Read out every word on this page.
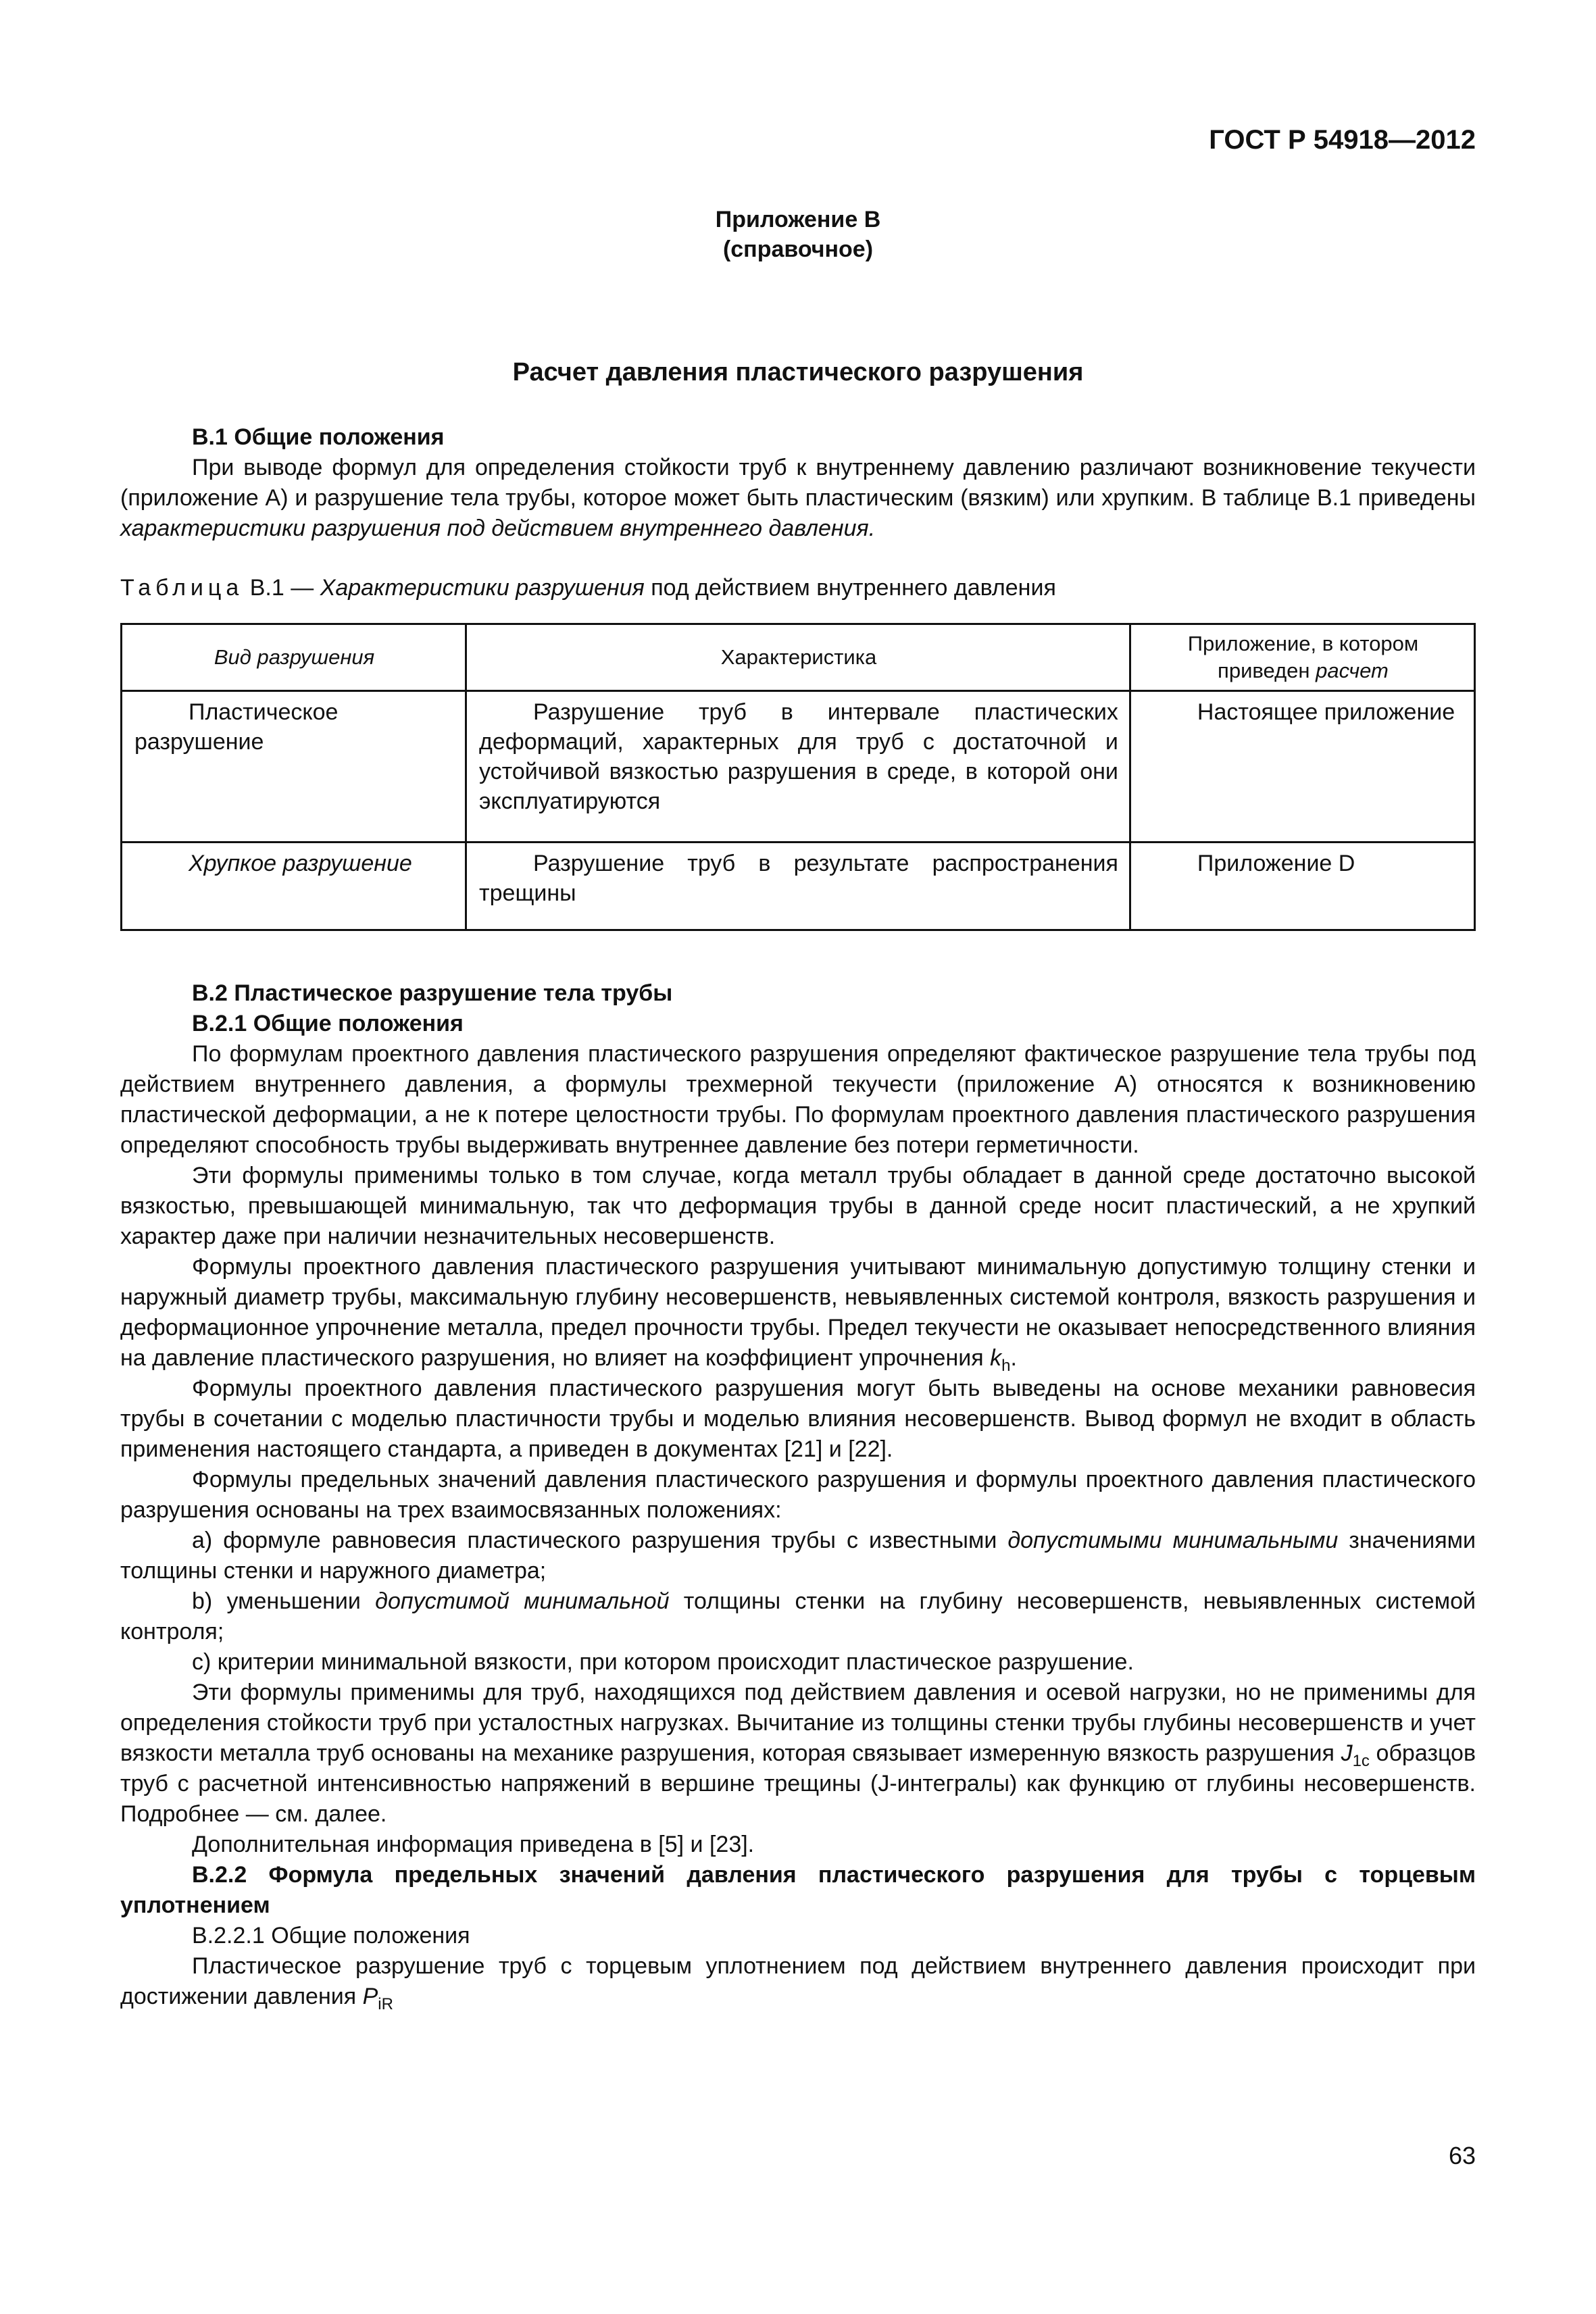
ГОСТ Р 54918—2012
Приложение В
(справочное)
Расчет давления пластического разрушения

В.1 Общие положения

При выводе формул для определения стойкости труб к внутреннему давлению различают возникновение текучести (приложение А) и разрушение тела трубы, которое может быть пластическим (вязким) или хрупким. В таблице В.1 приведены характеристики разрушения под действием внутреннего давления.

Таблица В.1 — Характеристики разрушения под действием внутреннего давления

Вид разрушения	Характеристика	Приложение, в котором приведен расчет
Пластическое разрушение	Разрушение труб в интервале пластических деформаций, характерных для труб с достаточной и устойчивой вязкостью разрушения в среде, в которой они эксплуатируются	Настоящее приложение
Хрупкое разрушение	Разрушение труб в результате распространения трещины	Приложение D

В.2 Пластическое разрушение тела трубы

В.2.1 Общие положения

По формулам проектного давления пластического разрушения определяют фактическое разрушение тела трубы под действием внутреннего давления, а формулы трехмерной текучести (приложение А) относятся к возникновению пластической деформации, а не к потере целостности трубы. По формулам проектного давления пластического разрушения определяют способность трубы выдерживать внутреннее давление без потери герметичности.

Эти формулы применимы только в том случае, когда металл трубы обладает в данной среде достаточно высокой вязкостью, превышающей минимальную, так что деформация трубы в данной среде носит пластический, а не хрупкий характер даже при наличии незначительных несовершенств.

Формулы проектного давления пластического разрушения учитывают минимальную допустимую толщину стенки и наружный диаметр трубы, максимальную глубину несовершенств, невыявленных системой контроля, вязкость разрушения и деформационное упрочнение металла, предел прочности трубы. Предел текучести не оказывает непосредственного влияния на давление пластического разрушения, но влияет на коэффициент упрочнения $k_h$.

Формулы проектного давления пластического разрушения могут быть выведены на основе механики равновесия трубы в сочетании с моделью пластичности трубы и моделью влияния несовершенств. Вывод формул не входит в область применения настоящего стандарта, а приведен в документах [21] и [22].

Формулы предельных значений давления пластического разрушения и формулы проектного давления пластического разрушения основаны на трех взаимосвязанных положениях:

a) формуле равновесия пластического разрушения трубы с известными допустимыми минимальными значениями толщины стенки и наружного диаметра;

b) уменьшении допустимой минимальной толщины стенки на глубину несовершенств, невыявленных системой контроля;

c) критерии минимальной вязкости, при котором происходит пластическое разрушение.

Эти формулы применимы для труб, находящихся под действием давления и осевой нагрузки, но не применимы для определения стойкости труб при усталостных нагрузках. Вычитание из толщины стенки трубы глубины несовершенств и учет вязкости металла труб основаны на механике разрушения, которая связывает измеренную вязкость разрушения $J_{1c}$ образцов труб с расчетной интенсивностью напряжений в вершине трещины (J-интегралы) как функцию от глубины несовершенств. Подробнее — см. далее.

Дополнительная информация приведена в [5] и [23].

В.2.2 Формула предельных значений давления пластического разрушения для трубы с торцевым уплотнением

В.2.2.1 Общие положения

Пластическое разрушение труб с торцевым уплотнением под действием внутреннего давления происходит при достижении давления $P_{iR}$

63
